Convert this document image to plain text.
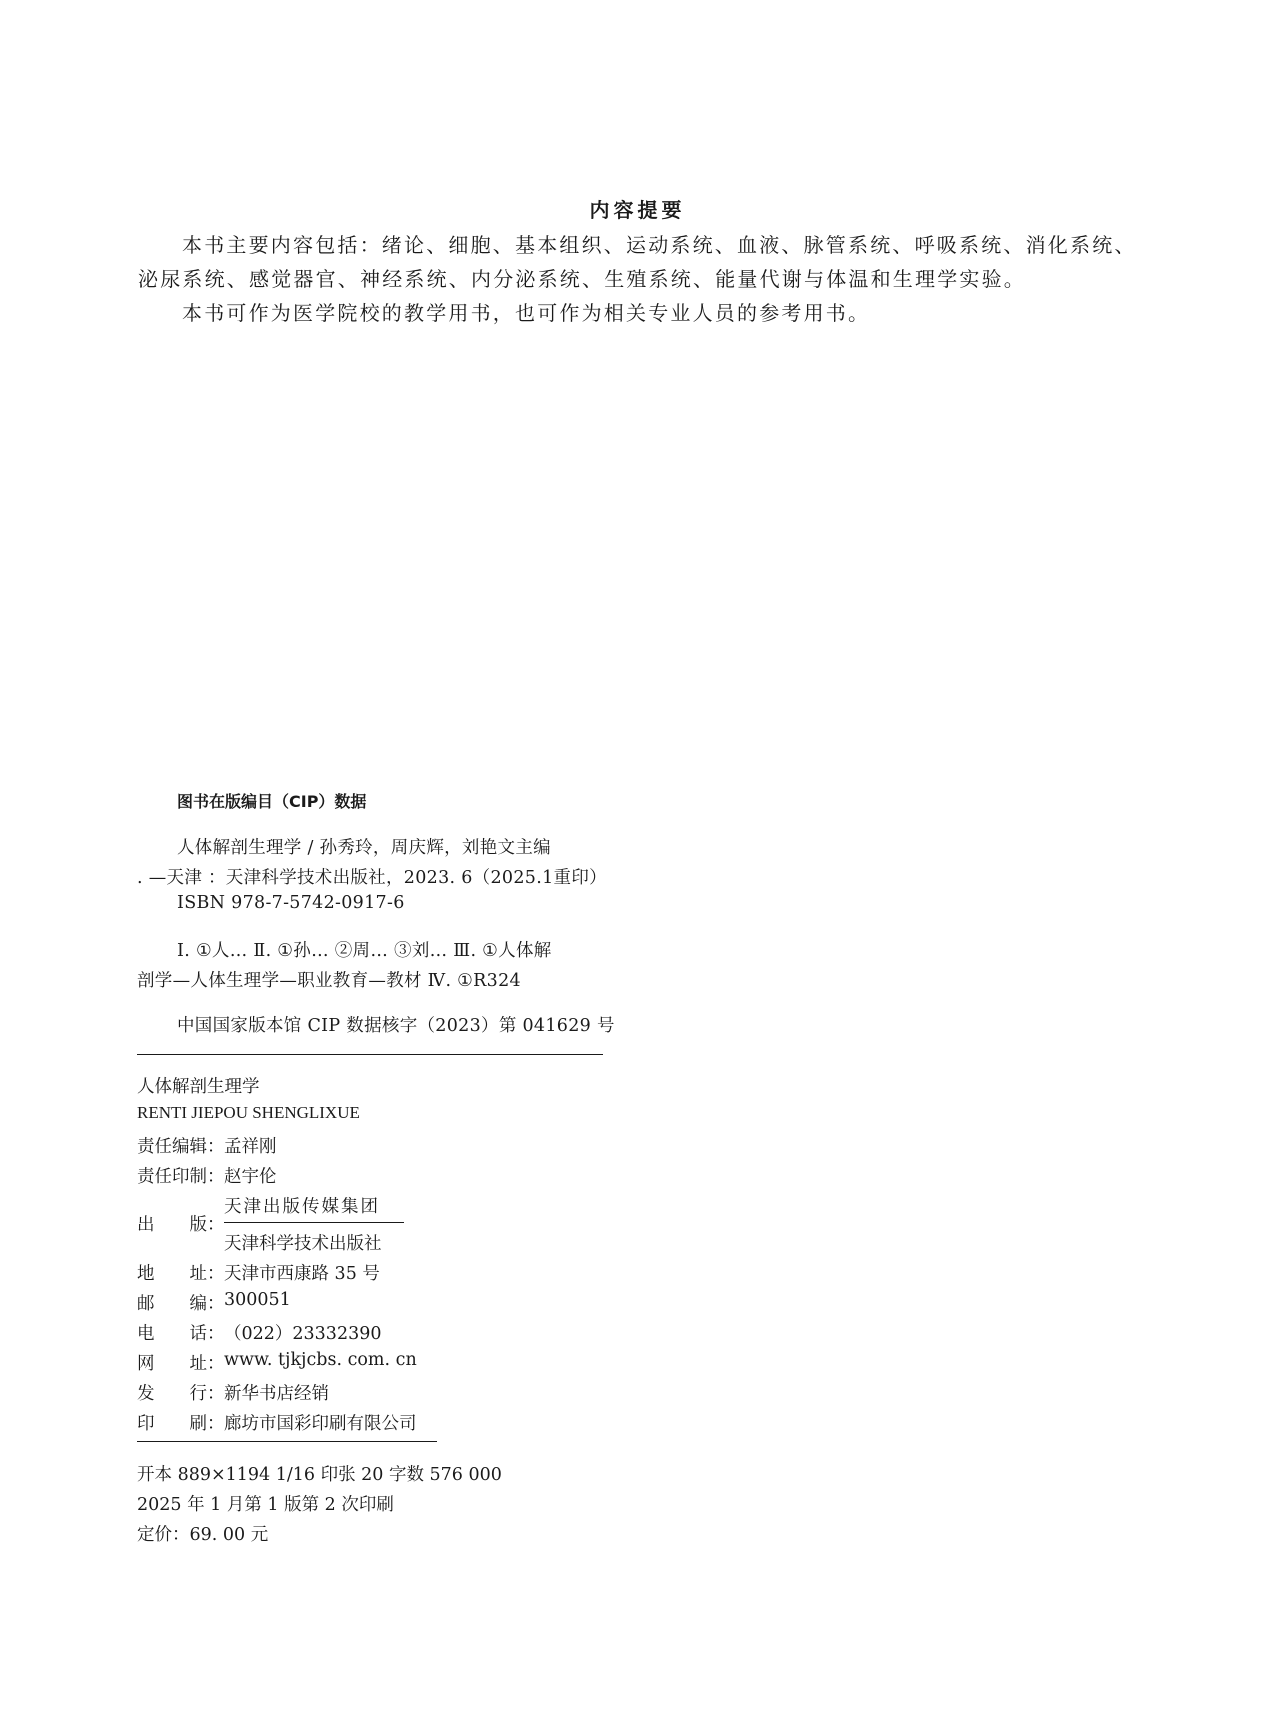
内容提要
本书主要内容包括：绪论、细胞、基本组织、运动系统、血液、脉管系统、呼吸系统、消化系统、
泌尿系统、感觉器官、神经系统、内分泌系统、生殖系统、能量代谢与体温和生理学实验。
本书可作为医学院校的教学用书，也可作为相关专业人员的参考用书。
图书在版编目（CIP）数据
人体解剖生理学 / 孙秀玲，周庆辉，刘艳文主编
. —天津 ：天津科学技术出版社，2023. 6（2025.1重印）
ISBN 978-7-5742-0917-6
Ⅰ. ①人… Ⅱ. ①孙… ②周… ③刘… Ⅲ. ①人体解
剖学—人体生理学—职业教育—教材 Ⅳ. ①R324
中国国家版本馆 CIP 数据核字（2023）第 041629 号
人体解剖生理学
RENTI JIEPOU SHENGLIXUE
责任编辑： 孟祥刚
责任印制： 赵宇伦
出　　版：
天津出版传媒集团
天津科学技术出版社
地　　址： 天津市西康路 35 号
邮　　编： 300051
电　　话： （022）23332390
网　　址： www. tjkjcbs. com. cn
发　　行： 新华书店经销
印　　刷： 廊坊市国彩印刷有限公司
开本 889×1194 1/16 印张 20 字数 576 000
2025 年 1 月第 1 版第 2 次印刷
定价：69. 00 元
